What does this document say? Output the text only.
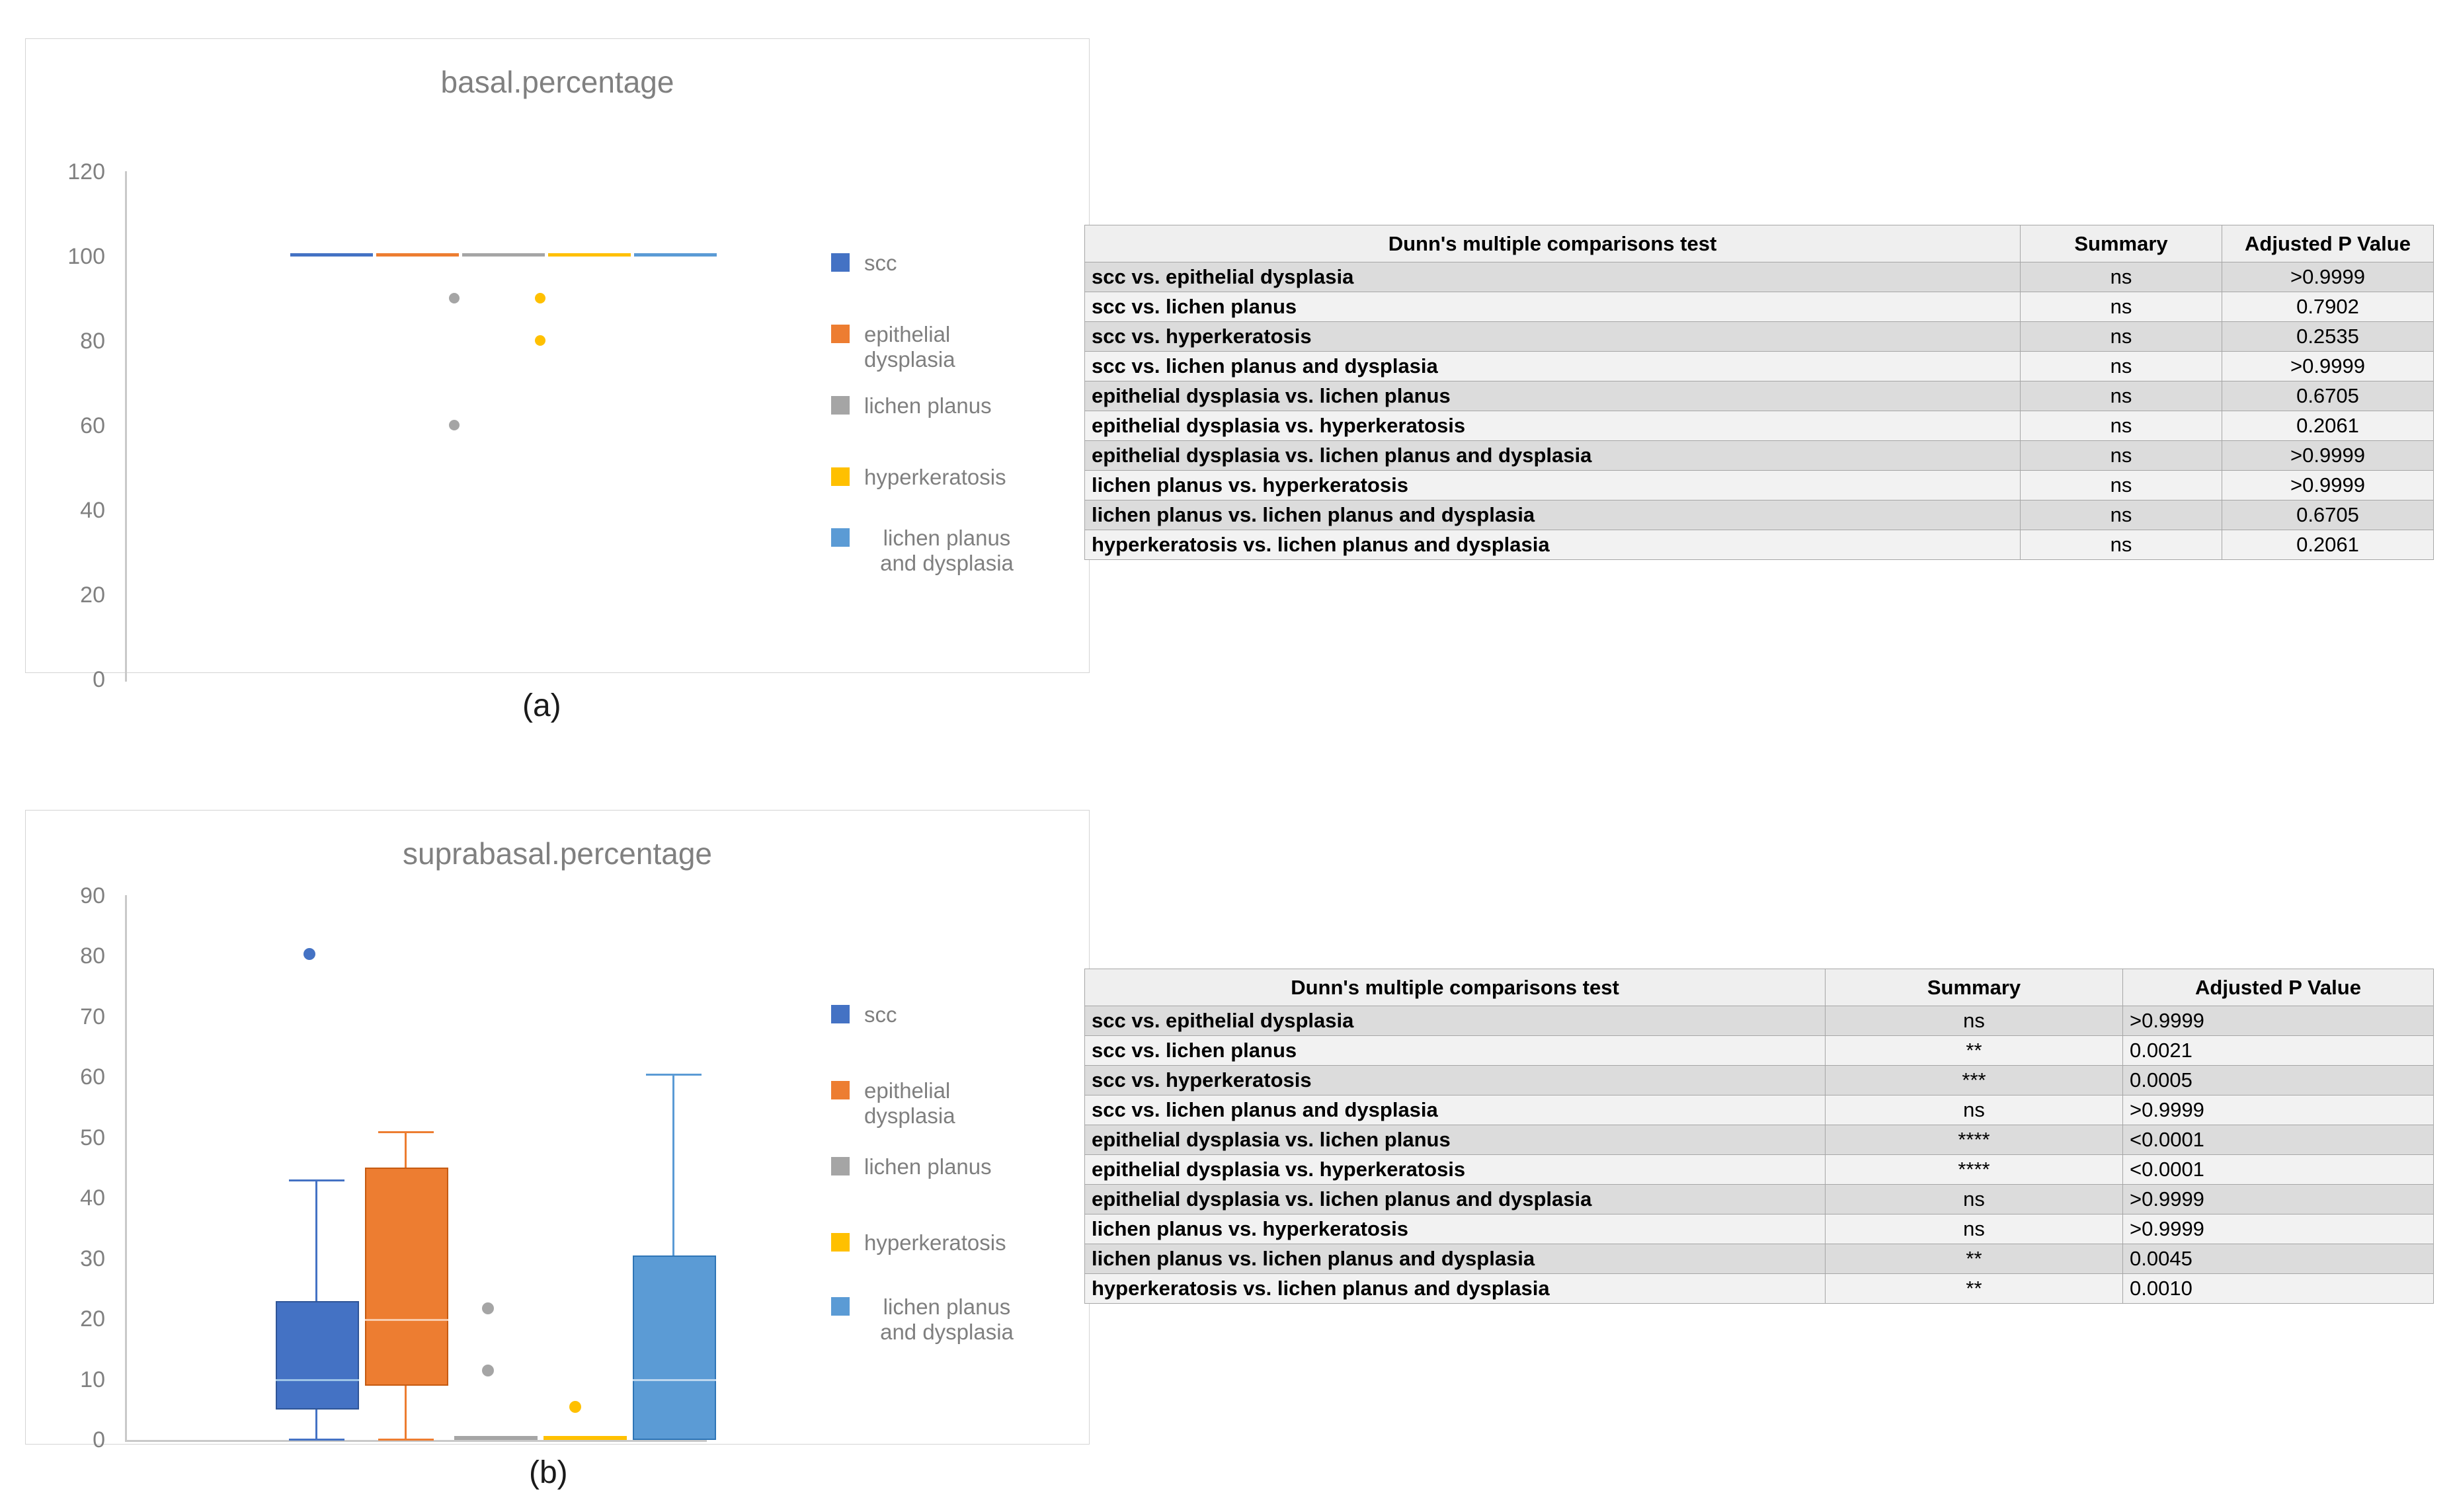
basal.percentage
120
100
80
60
40
20
0
scc
epithelial dysplasia
lichen planus
hyperkeratosis
lichen planus and dysplasia
Dunn's multiple comparisons test	Summary	Adjusted P Value
scc vs. epithelial dysplasia	ns	>0.9999
scc vs. lichen planus	ns	0.7902
scc vs. hyperkeratosis	ns	0.2535
scc vs. lichen planus and dysplasia	ns	>0.9999
epithelial dysplasia vs. lichen planus	ns	0.6705
epithelial dysplasia vs. hyperkeratosis	ns	0.2061
epithelial dysplasia vs. lichen planus and dysplasia	ns	>0.9999
lichen planus vs. hyperkeratosis	ns	>0.9999
lichen planus vs. lichen planus and dysplasia	ns	0.6705
hyperkeratosis vs. lichen planus and dysplasia	ns	0.2061
(a)
suprabasal.percentage
90
80
70
60
50
40
30
20
10
0
scc
epithelial dysplasia
lichen planus
hyperkeratosis
lichen planus and dysplasia
Dunn's multiple comparisons test	Summary	Adjusted P Value
scc vs. epithelial dysplasia	ns	>0.9999
scc vs. lichen planus	**	0.0021
scc vs. hyperkeratosis	***	0.0005
scc vs. lichen planus and dysplasia	ns	>0.9999
epithelial dysplasia vs. lichen planus	****	<0.0001
epithelial dysplasia vs. hyperkeratosis	****	<0.0001
epithelial dysplasia vs. lichen planus and dysplasia	ns	>0.9999
lichen planus vs. hyperkeratosis	ns	>0.9999
lichen planus vs. lichen planus and dysplasia	**	0.0045
hyperkeratosis vs. lichen planus and dysplasia	**	0.0010
(b)
